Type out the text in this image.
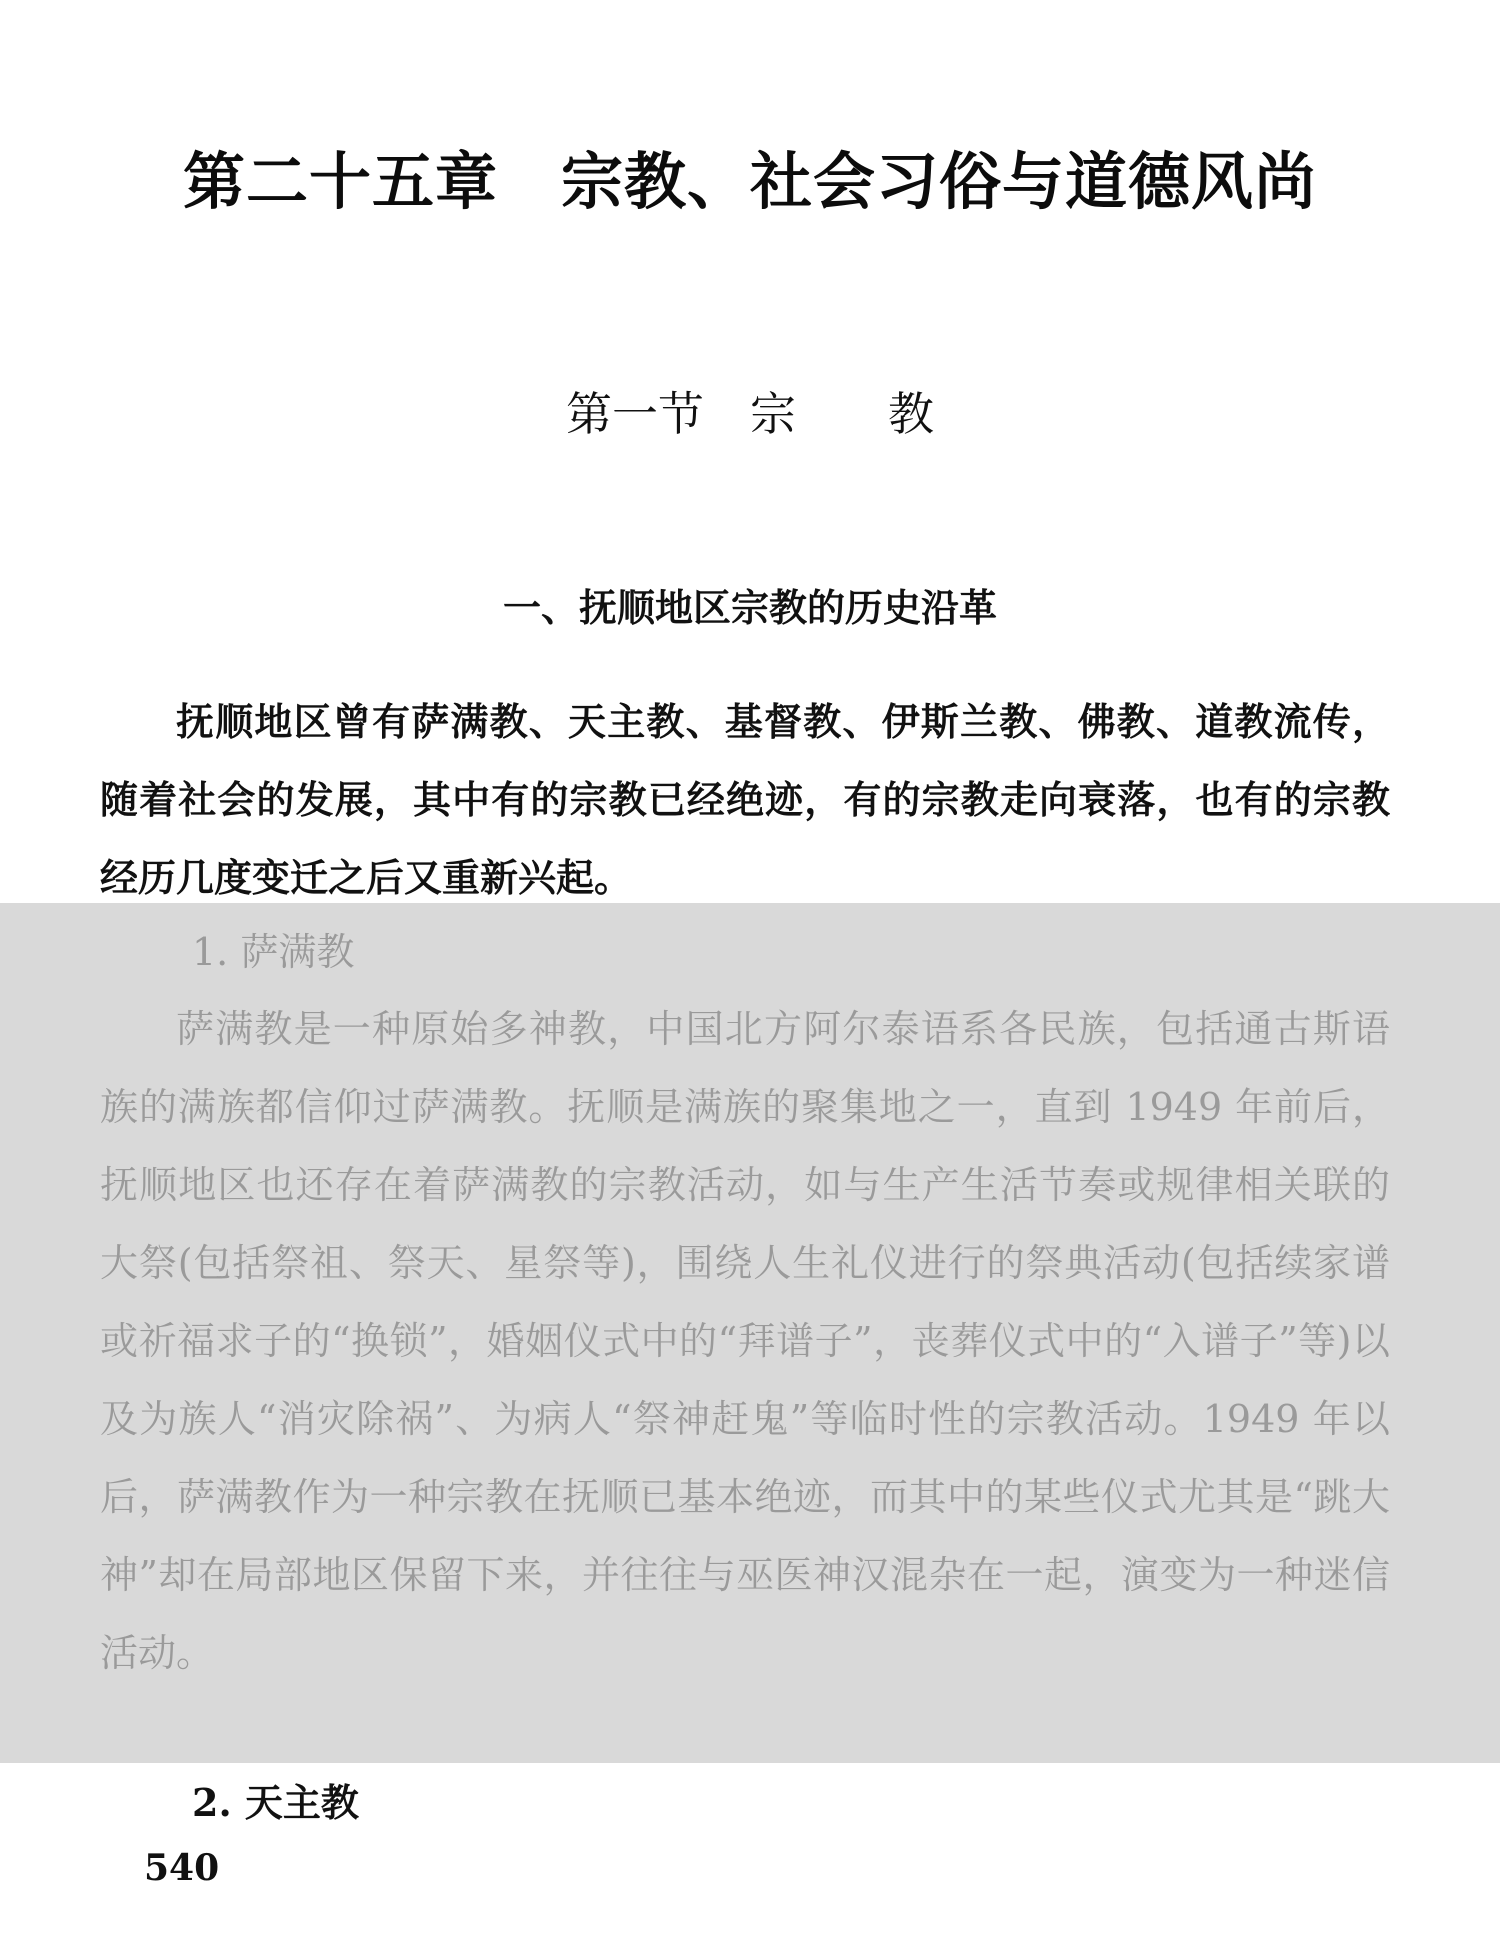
第二十五章　宗教、社会习俗与道德风尚
第一节　宗　　教
一、抚顺地区宗教的历史沿革

抚顺地区曾有萨满教、天主教、基督教、伊斯兰教、佛教、道教流传，随着社会的发展，其中有的宗教已经绝迹，有的宗教走向衰落，也有的宗教经历几度变迁之后又重新兴起。

1. 萨满教

萨满教是一种原始多神教，中国北方阿尔泰语系各民族，包括通古斯语族的满族都信仰过萨满教。抚顺是满族的聚集地之一，直到 1949 年前后，抚顺地区也还存在着萨满教的宗教活动，如与生产生活节奏或规律相关联的大祭(包括祭祖、祭天、星祭等)，围绕人生礼仪进行的祭典活动(包括续家谱或祈福求子的“换锁”，婚姻仪式中的“拜谱子”，丧葬仪式中的“入谱子”等)以及为族人“消灾除祸”、为病人“祭神赶鬼”等临时性的宗教活动。1949 年以后，萨满教作为一种宗教在抚顺已基本绝迹，而其中的某些仪式尤其是“跳大神”却在局部地区保留下来，并往往与巫医神汉混杂在一起，演变为一种迷信活动。

2. 天主教

540
